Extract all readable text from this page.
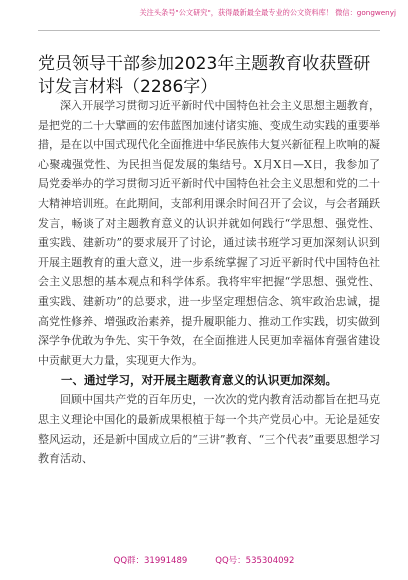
关注头条号"公文研究"，获得最新最全最专业的公文资料库！ 微信：gongwenyj
党员领导干部参加2023年主题教育收获暨研讨发言材料（2286字）

深入开展学习贯彻习近平新时代中国特色社会主义思想主题教育，是把党的二十大擘画的宏伟蓝图加速付诸实施、变成生动实践的重要举措，是在以中国式现代化全面推进中华民族伟大复兴新征程上吹响的凝心聚魂强党性、为民担当促发展的集结号。X月X日—X日，我参加了局党委举办的学习贯彻习近平新时代中国特色社会主义思想和党的二十大精神培训班。在此期间，支部利用课余时间召开了会议，与会者踊跃发言，畅谈了对主题教育意义的认识并就如何践行“学思想、强党性、重实践、建新功”的要求展开了讨论，通过读书班学习更加深刻认识到开展主题教育的重大意义，进一步系统掌握了习近平新时代中国特色社会主义思想的基本观点和科学体系。我将牢牢把握“学思想、强党性、重实践、建新功”的总要求，进一步坚定理想信念、筑牢政治忠诚，提高党性修养、增强政治素养，提升履职能力、推动工作实践，切实做到深学争优敢为争先、实干争效，在全面推进人民更加幸福体育强省建设中贡献更大力量，实现更大作为。

一、通过学习，对开展主题教育意义的认识更加深刻。

回顾中国共产党的百年历史，一次次的党内教育活动都旨在把马克思主义理论中国化的最新成果根植于每一个共产党员心中。无论是延安整风运动，还是新中国成立后的“三讲”教育、“三个代表”重要思想学习教育活动、

QQ群：31991489	QQ号：535304092
